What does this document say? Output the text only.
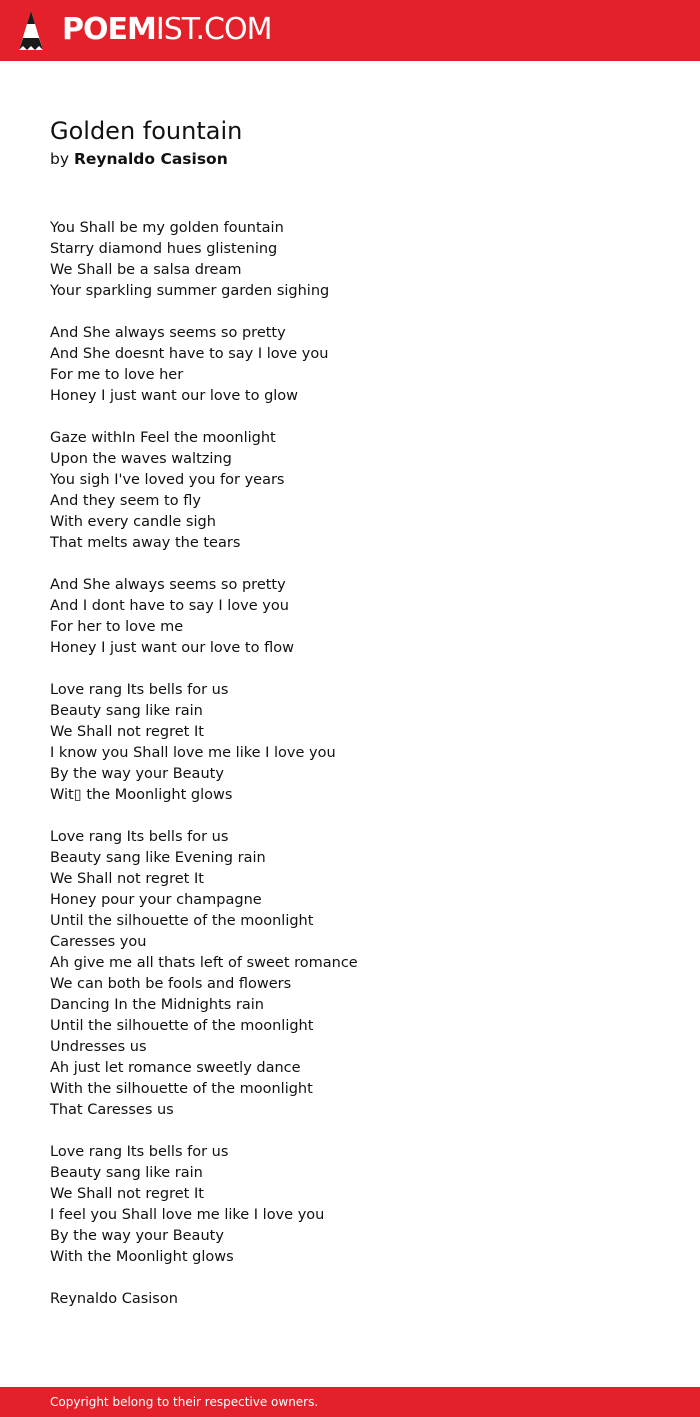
POEMIST.COM
Golden fountain
by Reynaldo Casison
You Shall be my golden fountain
Starry diamond hues glistening
We Shall be a salsa dream
Your sparkling summer garden sighing
And She always seems so pretty
And She doesnt have to say I love you
For me to love her
Honey I just want our love to glow
Gaze withIn Feel the moonlight
Upon the waves waltzing
You sigh I've loved you for years
And they seem to fly
With every candle sigh
That melts away the tears
And She always seems so pretty
And I dont have to say I love you
For her to love me
Honey I just want our love to flow
Love rang Its bells for us
Beauty sang like rain
We Shall not regret It
I know you Shall love me like I love you
By the way your Beauty
Wit▯ the Moonlight glows
Love rang Its bells for us
Beauty sang like Evening rain
We Shall not regret It
Honey pour your champagne
Until the silhouette of the moonlight
Caresses you
Ah give me all thats left of sweet romance
We can both be fools and flowers
Dancing In the Midnights rain
Until the silhouette of the moonlight
Undresses us
Ah just let romance sweetly dance
With the silhouette of the moonlight
That Caresses us
Love rang Its bells for us
Beauty sang like rain
We Shall not regret It
I feel you Shall love me like I love you
By the way your Beauty
With the Moonlight glows
Reynaldo Casison
Copyright belong to their respective owners.
